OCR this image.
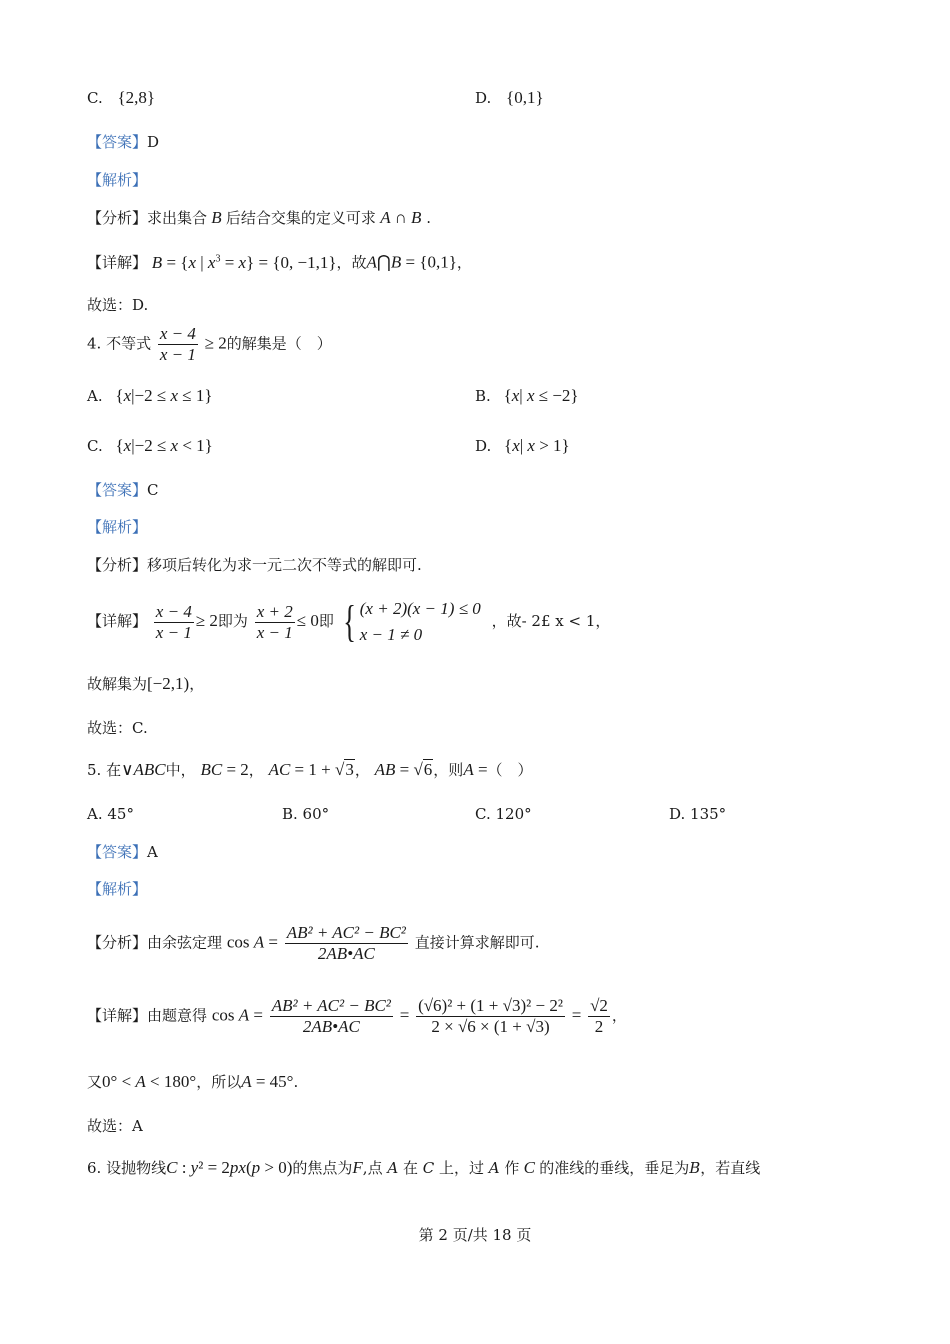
C. {2,8}	D. {0,1}
【答案】D
【解析】
【分析】求出集合 B 后结合交集的定义可求 A ∩ B .
【详解】 B = {x | $x^3 = x\} = \{0$, −1,1}，故A⋂B = {0,1}，
故选：D.
4. 不等式 $\frac{x - 4}{x - 1} \ge 2$的解集是（　）
A. {x|−2 ≤ x ≤ 1}	B. {x| x ≤ −2}
C. {x|−2 ≤ x < 1}	D. {x| x > 1}
【答案】C
【解析】
【分析】移项后转化为求一元二次不等式的解即可.
【详解】 $\frac{x - 4}{x - 1} \ge 2$即为 $\frac{x + 2}{x - 1} \le 0$即 { (x + 2)(x − 1) ≤ 0
x − 1 ≠ 0
，故- 2£ x < 1，
故解集为[−2,1)，
故选：C.
5. 在∨ABC中， BC = 2， AC = 1 + √3， AB = √6，则A =（　）
A. 45°	B. 60°	C. 120°	D. 135°
【答案】A
【解析】
【分析】由余弦定理 $\cos A = \frac{\text{AB² + AC² − BC²}}{2AB•AC}$ 直接计算求解即可.
【详解】由题意得 $\cos A = \frac{\text{AB² + AC² − BC²}}{2AB•AC} = \frac{\text{(√6)² + (1 + √3)² − 2²}}{2 \times √6 \times (1 + √3)} = \frac{√2}{2}$ ，
又0° < A < 180°，所以A = 45°.
故选：A
6. 设抛物线C : y² = 2px(p > 0)的焦点为F,点 A 在 C 上，过 A 作 C 的准线的垂线，垂足为B，若直线
第 2 页/共 18 页
